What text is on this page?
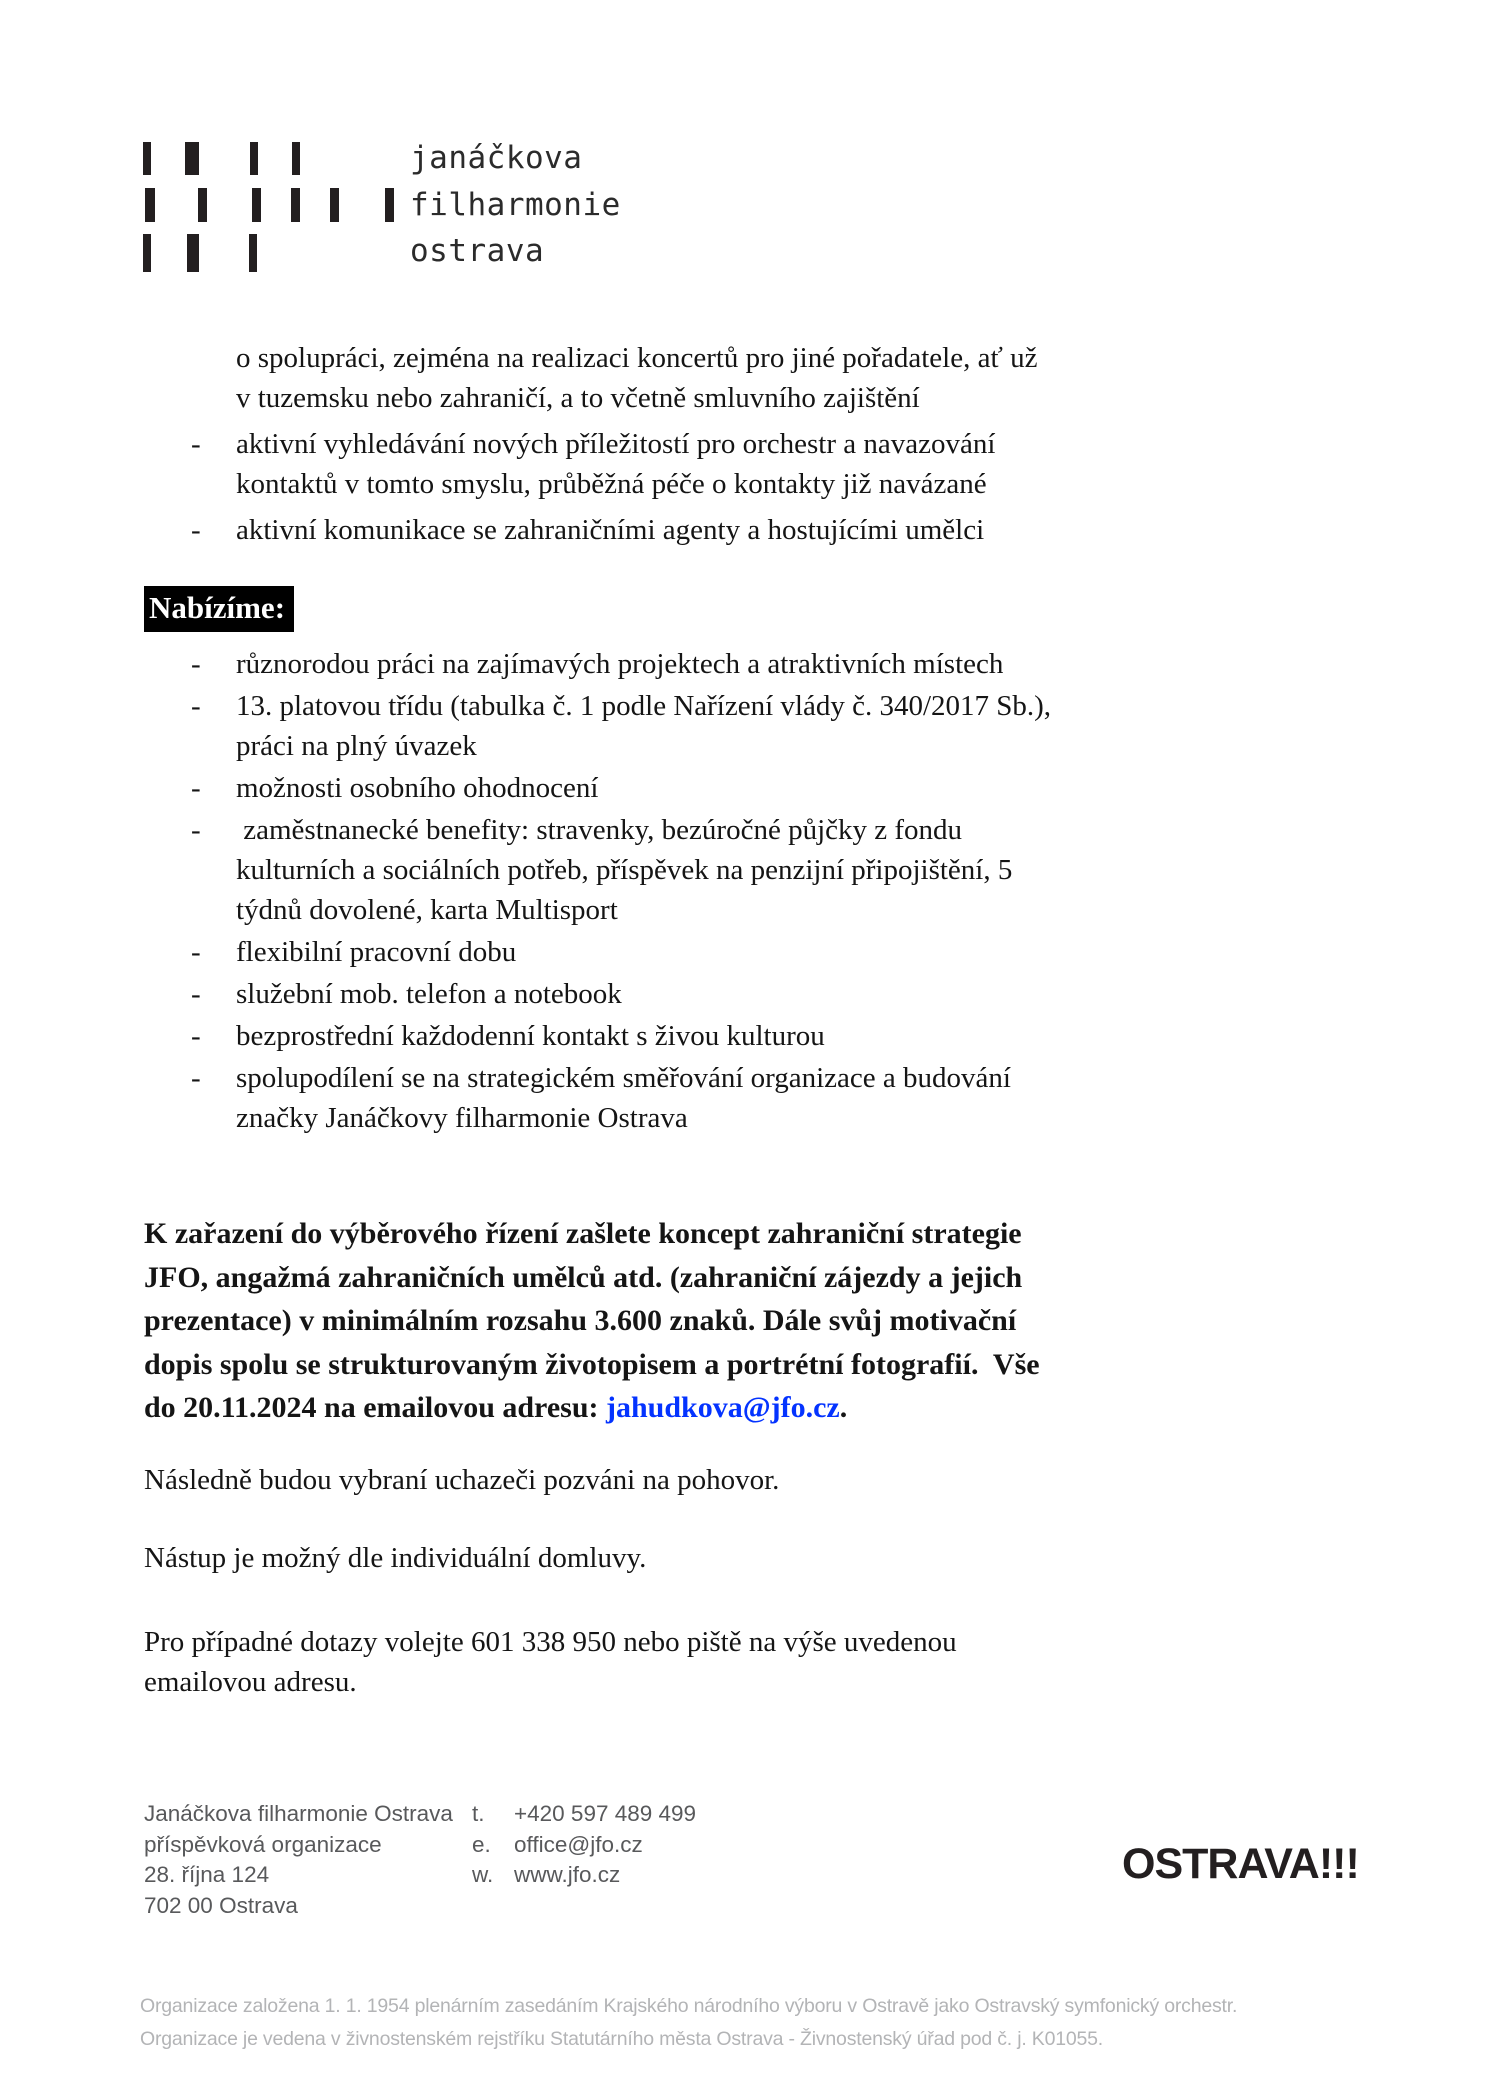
janáčkova
filharmonie
ostrava
o spolupráci, zejména na realizaci koncertů pro jiné pořadatele, ať už
v tuzemsku nebo zahraničí, a to včetně smluvního zajištění
-	aktivní vyhledávání nových příležitostí pro orchestr a navazování
kontaktů v tomto smyslu, průběžná péče o kontakty již navázané
-	aktivní komunikace se zahraničními agenty a hostujícími umělci
Nabízíme:
-	různorodou práci na zajímavých projektech a atraktivních místech
-	13. platovou třídu (tabulka č. 1 podle Nařízení vlády č. 340/2017 Sb.),
práci na plný úvazek
-	možnosti osobního ohodnocení
-	zaměstnanecké benefity: stravenky, bezúročné půjčky z fondu
kulturních a sociálních potřeb, příspěvek na penzijní připojištění, 5
týdnů dovolené, karta Multisport
-	flexibilní pracovní dobu
-	služební mob. telefon a notebook
-	bezprostřední každodenní kontakt s živou kulturou
-	spolupodílení se na strategickém směřování organizace a budování
značky Janáčkovy filharmonie Ostrava
K zařazení do výběrového řízení zašlete koncept zahraniční strategie
JFO, angažmá zahraničních umělců atd. (zahraniční zájezdy a jejich
prezentace) v minimálním rozsahu 3.600 znaků. Dále svůj motivační
dopis spolu se strukturovaným životopisem a portrétní fotografií.  Vše
do 20.11.2024 na emailovou adresu: jahudkova@jfo.cz.
Následně budou vybraní uchazeči pozváni na pohovor.
Nástup je možný dle individuální domluvy.
Pro případné dotazy volejte 601 338 950 nebo piště na výše uvedenou
emailovou adresu.
Janáčkova filharmonie Ostrava
příspěvková organizace
28. října 124
702 00 Ostrava
t.	+420 597 489 499
e.	office@jfo.cz
w. www.jfo.cz	OSTRAVA!!!
Organizace založena 1. 1. 1954 plenárním zasedáním Krajského národního výboru v Ostravě jako Ostravský symfonický orchestr.
Organizace je vedena v živnostenském rejstříku Statutárního města Ostrava - Živnostenský úřad pod č. j. K01055.
